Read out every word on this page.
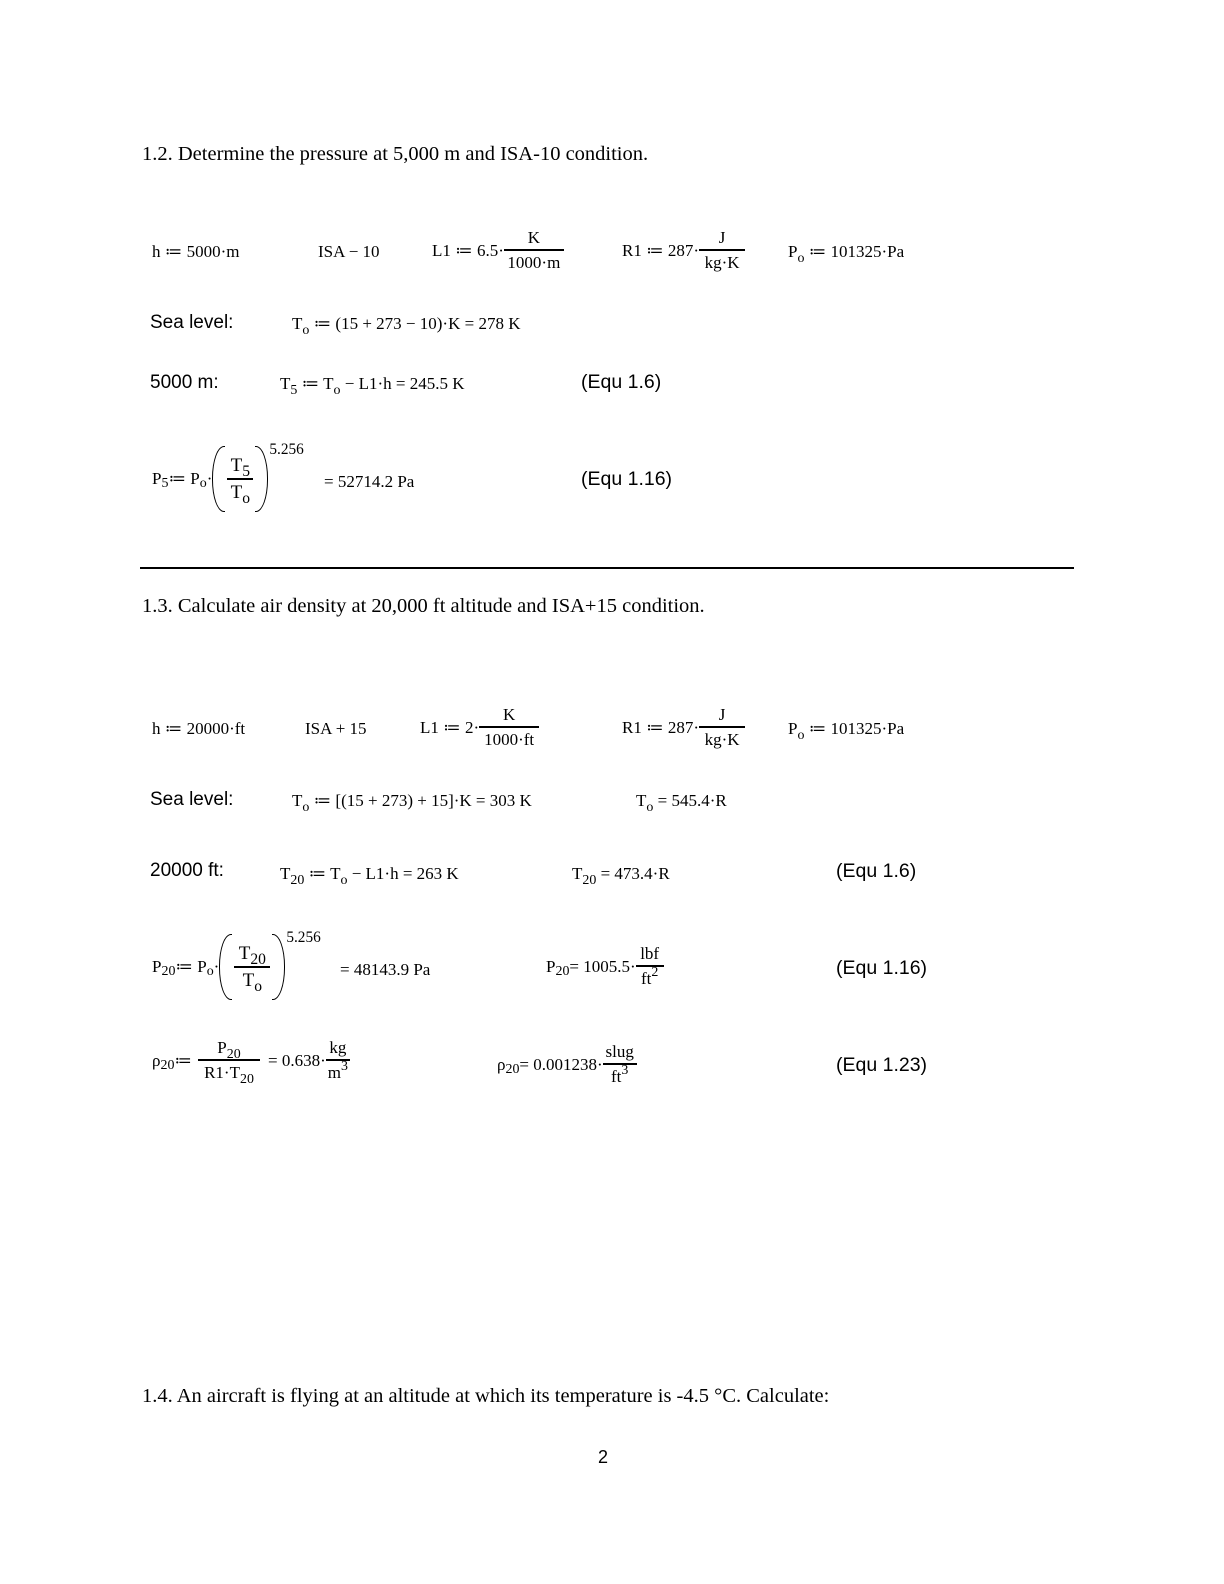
1.2. Determine the pressure at 5,000 m and ISA-10 condition.
h ≔ 5000·m	ISA − 10	L1 ≔ $6.5\cdot \frac{K}{1000\cdot m}$	R1 ≔ $287\cdot \frac{J}{kg\cdot K}$	$P_o$ ≔ 101325·Pa
Sea level:	$T_o$ ≔ (15 + 273 − 10)·K = 278 K
5000 m:	$T_5$ ≔ $T_o - L1\cdot h = 245.5$ K	(Equ 1.6)
P 5 ≔ P $o \cdot \frac{T_5}{T_o}$
5.256
= 52714.2 Pa	(Equ 1.16)
1.3. Calculate air density at 20,000 ft altitude and ISA+15 condition.
h ≔ 20000·ft	ISA + 15	L1 ≔ $2\cdot \frac{K}{1000\cdot ft}$	R1 ≔ $287\cdot \frac{J}{kg\cdot K}$	$P_o$ ≔ 101325·Pa
Sea level:	$T_o$ ≔ [(15 + 273) + 15]·K = 303 K	$T_o = 545.4\cdot R$
20000 ft:	$T_{20}$ ≔ $T_o - L1\cdot h = 263$ K	$T_{20} = 473.4\cdot R$	(Equ 1.6)
P 20 ≔ P $o \cdot \frac{T_{20}}{T_o}$
5.256
= 48143.9 Pa	P $20 = 1005.5\cdot \frac{\text{lbf}}{ft^2}$	(Equ 1.16)
ρ 20 ≔ $\frac{P_{20}}{R1\cdot T_{20}} = 0.638\cdot \frac{kg}{m^3}$	ρ $20 = 0.001238\cdot \frac{\text{slug}}{ft^3}$	(Equ 1.23)
1.4. An aircraft is flying at an altitude at which its temperature is -4.5 °C. Calculate:
2
